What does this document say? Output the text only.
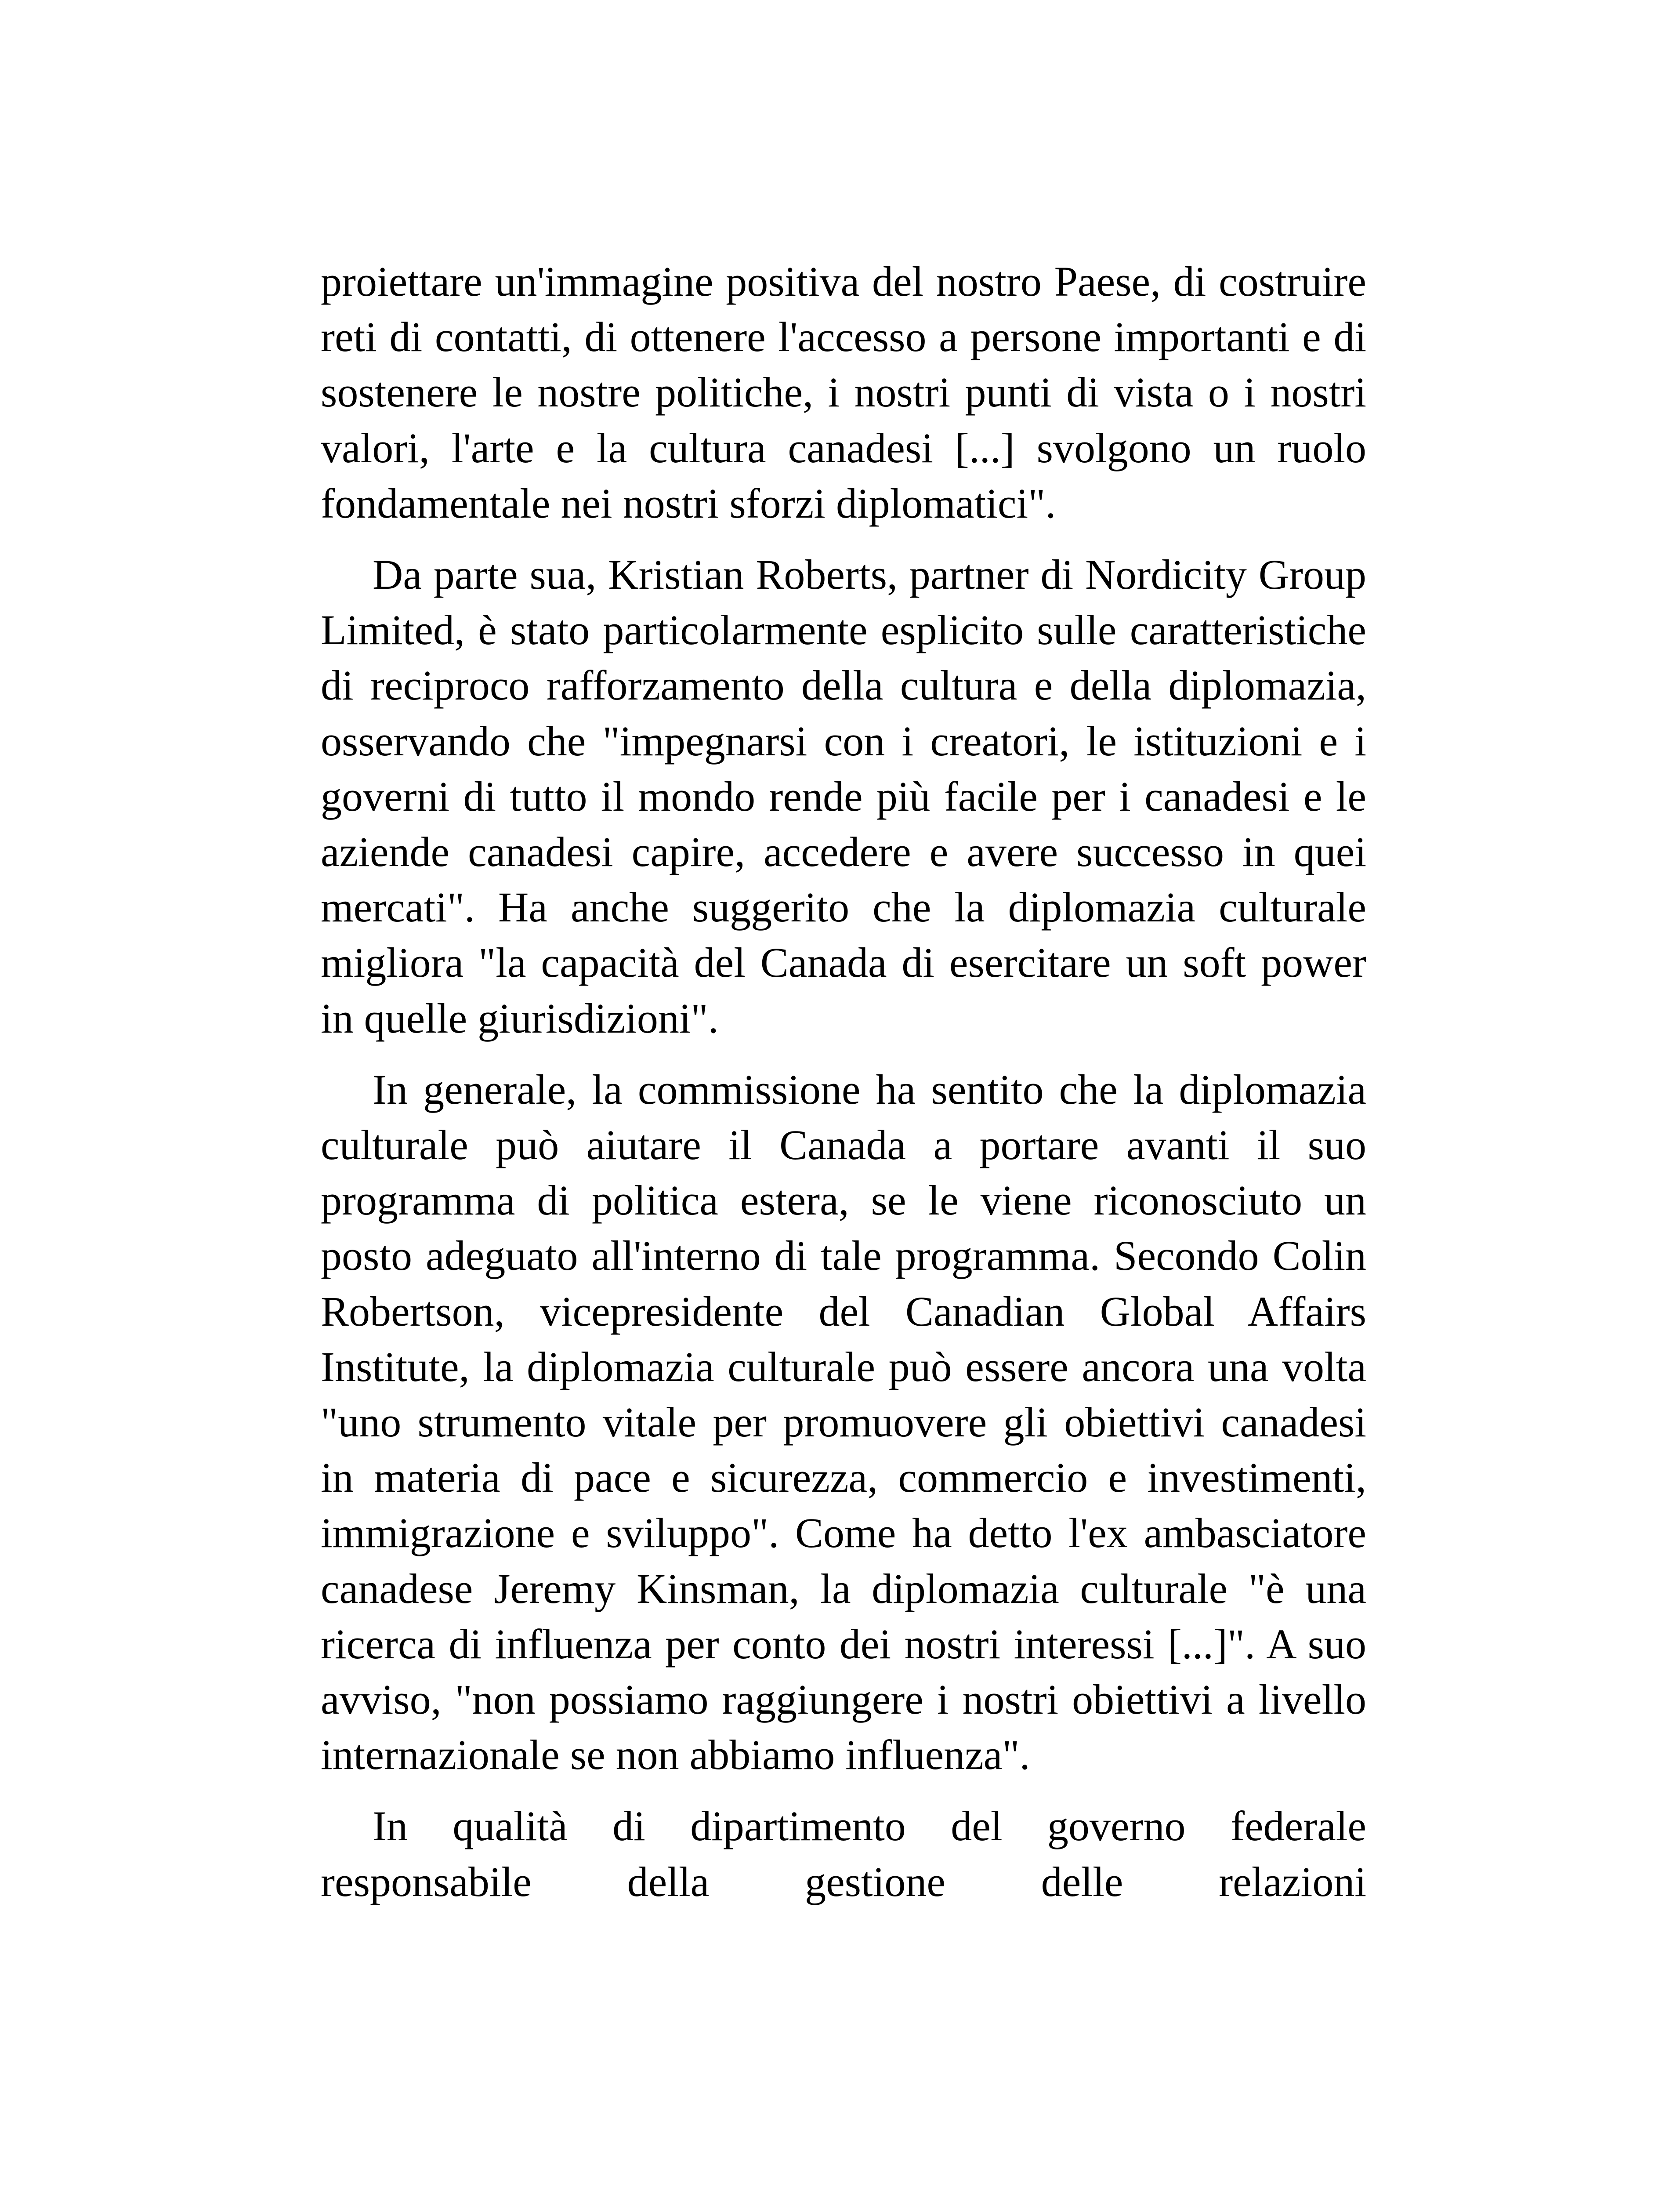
proiettare un'immagine positiva del nostro Paese, di costruire reti di contatti, di ottenere l'accesso a persone importanti e di sostenere le nostre politiche, i nostri punti di vista o i nostri valori, l'arte e la cultura canadesi [...] svolgono un ruolo fondamentale nei nostri sforzi diplomatici".

Da parte sua, Kristian Roberts, partner di Nordicity Group Limited, è stato particolarmente esplicito sulle caratteristiche di reciproco rafforzamento della cultura e della diplomazia, osservando che "impegnarsi con i creatori, le istituzioni e i governi di tutto il mondo rende più facile per i canadesi e le aziende canadesi capire, accedere e avere successo in quei mercati". Ha anche suggerito che la diplomazia culturale migliora "la capacità del Canada di esercitare un soft power in quelle giurisdizioni".

In generale, la commissione ha sentito che la diplomazia culturale può aiutare il Canada a portare avanti il suo programma di politica estera, se le viene riconosciuto un posto adeguato all'interno di tale programma. Secondo Colin Robertson, vicepresidente del Canadian Global Affairs Institute, la diplomazia culturale può essere ancora una volta "uno strumento vitale per promuovere gli obiettivi canadesi in materia di pace e sicurezza, commercio e investimenti, immigrazione e sviluppo". Come ha detto l'ex ambasciatore canadese Jeremy Kinsman, la diplomazia culturale "è una ricerca di influenza per conto dei nostri interessi [...]". A suo avviso, "non possiamo raggiungere i nostri obiettivi a livello internazionale se non abbiamo influenza".

In qualità di dipartimento del governo federale responsabile della gestione delle relazioni
